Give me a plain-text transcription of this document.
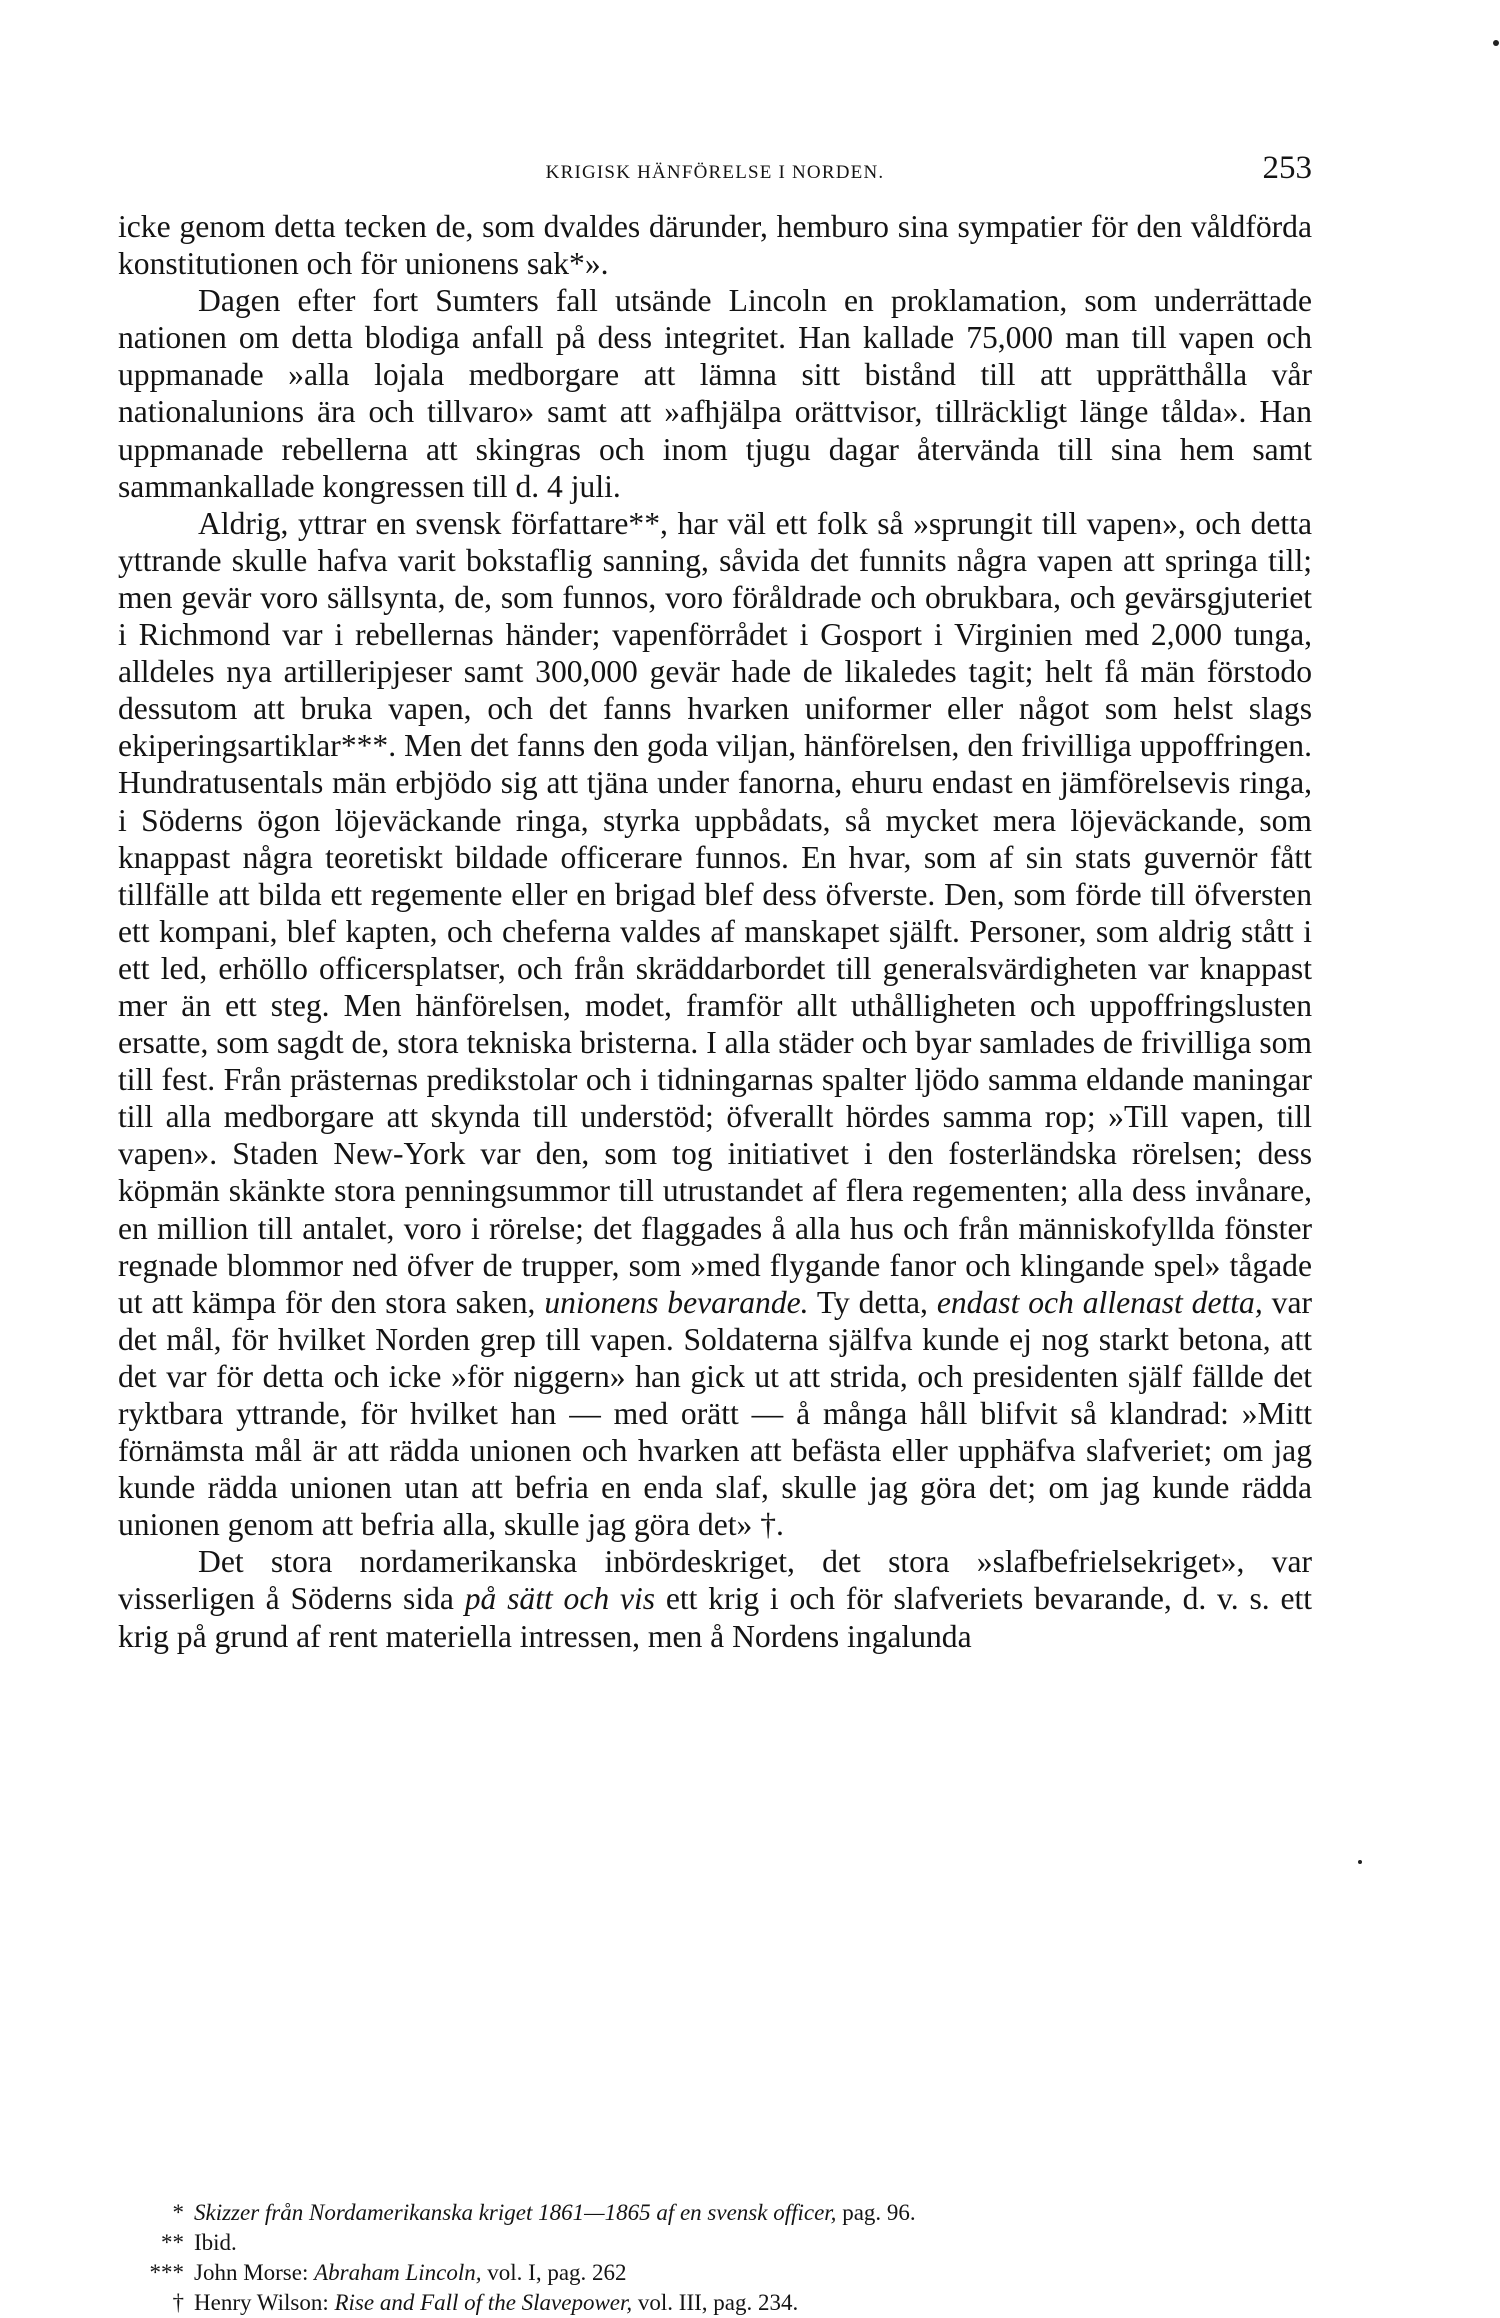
KRIGISK HÄNFÖRELSE I NORDEN.	253

icke genom detta tecken de, som dvaldes därunder, hemburo sina sympatier för den våldförda konstitutionen och för unionens sak*».

Dagen efter fort Sumters fall utsände Lincoln en proklamation, som underrättade nationen om detta blodiga anfall på dess integritet. Han kallade 75,000 man till vapen och uppmanade »alla lojala medborgare att lämna sitt bistånd till att upprätthålla vår nationalunions ära och tillvaro» samt att »afhjälpa orättvisor, tillräckligt länge tålda». Han uppmanade rebellerna att skingras och inom tjugu dagar återvända till sina hem samt sammankallade kongressen till d. 4 juli.

Aldrig, yttrar en svensk författare**, har väl ett folk så »sprungit till vapen», och detta yttrande skulle hafva varit bokstaflig sanning, såvida det funnits några vapen att springa till; men gevär voro sällsynta, de, som funnos, voro föråldrade och obrukbara, och gevärsgjuteriet i Richmond var i rebellernas händer; vapenförrådet i Gosport i Virginien med 2,000 tunga, alldeles nya artilleripjeser samt 300,000 gevär hade de likaledes tagit; helt få män förstodo dessutom att bruka vapen, och det fanns hvarken uniformer eller något som helst slags ekiperingsartiklar***. Men det fanns den goda viljan, hänförelsen, den frivilliga uppoffringen. Hundratusentals män erbjödo sig att tjäna under fanorna, ehuru endast en jämförelsevis ringa, i Söderns ögon löjeväckande ringa, styrka uppbådats, så mycket mera löjeväckande, som knappast några teoretiskt bildade officerare funnos. En hvar, som af sin stats guvernör fått tillfälle att bilda ett regemente eller en brigad blef dess öfverste. Den, som förde till öfversten ett kompani, blef kapten, och cheferna valdes af manskapet själft. Personer, som aldrig stått i ett led, erhöllo officersplatser, och från skräddarbordet till generalsvärdigheten var knappast mer än ett steg. Men hänförelsen, modet, framför allt uthålligheten och uppoffringslusten ersatte, som sagdt de, stora tekniska bristerna. I alla städer och byar samlades de frivilliga som till fest. Från prästernas predikstolar och i tidningarnas spalter ljödo samma eldande maningar till alla medborgare att skynda till understöd; öfverallt hördes samma rop; »Till vapen, till vapen». Staden New-York var den, som tog initiativet i den fosterländska rörelsen; dess köpmän skänkte stora penningsummor till utrustandet af flera regementen; alla dess invånare, en million till antalet, voro i rörelse; det flaggades å alla hus och från människofyllda fönster regnade blommor ned öfver de trupper, som »med flygande fanor och klingande spel» tågade ut att kämpa för den stora saken, unionens bevarande. Ty detta, endast och allenast detta, var det mål, för hvilket Norden grep till vapen. Soldaterna själfva kunde ej nog starkt betona, att det var för detta och icke »för niggern» han gick ut att strida, och presidenten själf fällde det ryktbara yttrande, för hvilket han — med orätt — å många håll blifvit så klandrad: »Mitt förnämsta mål är att rädda unionen och hvarken att befästa eller upphäfva slafveriet; om jag kunde rädda unionen utan att befria en enda slaf, skulle jag göra det; om jag kunde rädda unionen genom att befria alla, skulle jag göra det» †.

Det stora nordamerikanska inbördeskriget, det stora »slafbefrielsekriget», var visserligen å Söderns sida på sätt och vis ett krig i och för slafveriets bevarande, d. v. s. ett krig på grund af rent materiella intressen, men å Nordens ingalunda

* Skizzer från Nordamerikanska kriget 1861—1865 af en svensk officer, pag. 96.
** Ibid.
*** John Morse: Abraham Lincoln, vol. I, pag. 262
† Henry Wilson: Rise and Fall of the Slavepower, vol. III, pag. 234.
